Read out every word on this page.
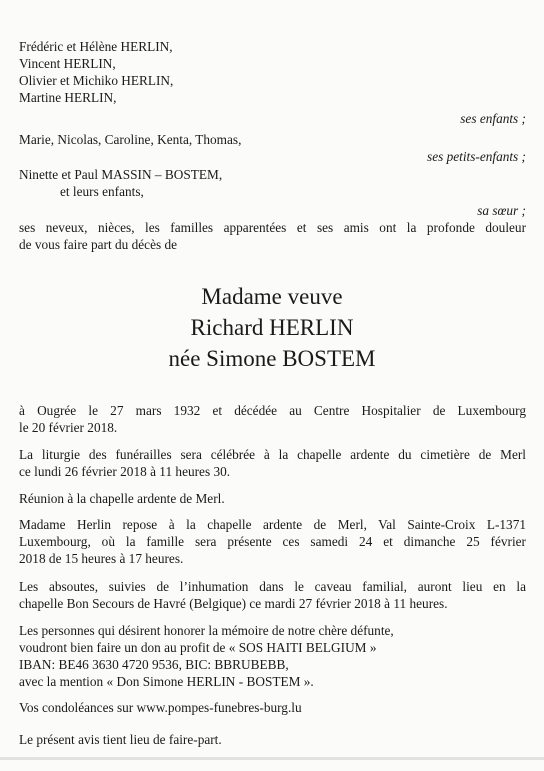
Frédéric et Hélène HERLIN,
Vincent HERLIN,
Olivier et Michiko HERLIN,
Martine HERLIN,
ses enfants ;
Marie, Nicolas, Caroline, Kenta, Thomas,
ses petits-enfants ;
Ninette et Paul MASSIN – BOSTEM,
et leurs enfants,
sa sœur ;
ses neveux, nièces, les familles apparentées et ses amis ont la profonde douleur
de vous faire part du décès de
Madame veuve
Richard HERLIN
née Simone BOSTEM
à Ougrée le 27 mars 1932 et décédée au Centre Hospitalier de Luxembourg
le 20 février 2018.
La liturgie des funérailles sera célébrée à la chapelle ardente du cimetière de Merl
ce lundi 26 février 2018 à 11 heures 30.
Réunion à la chapelle ardente de Merl.
Madame Herlin repose à la chapelle ardente de Merl, Val Sainte-Croix L-1371
Luxembourg, où la famille sera présente ces samedi 24 et dimanche 25 février
2018 de 15 heures à 17 heures.
Les absoutes, suivies de l’inhumation dans le caveau familial, auront lieu en la
chapelle Bon Secours de Havré (Belgique) ce mardi 27 février 2018 à 11 heures.
Les personnes qui désirent honorer la mémoire de notre chère défunte,
voudront bien faire un don au profit de « SOS HAITI BELGIUM »
IBAN: BE46 3630 4720 9536, BIC: BBRUBEBB,
avec la mention « Don Simone HERLIN - BOSTEM ».
Vos condoléances sur www.pompes-funebres-burg.lu
Le présent avis tient lieu de faire-part.
